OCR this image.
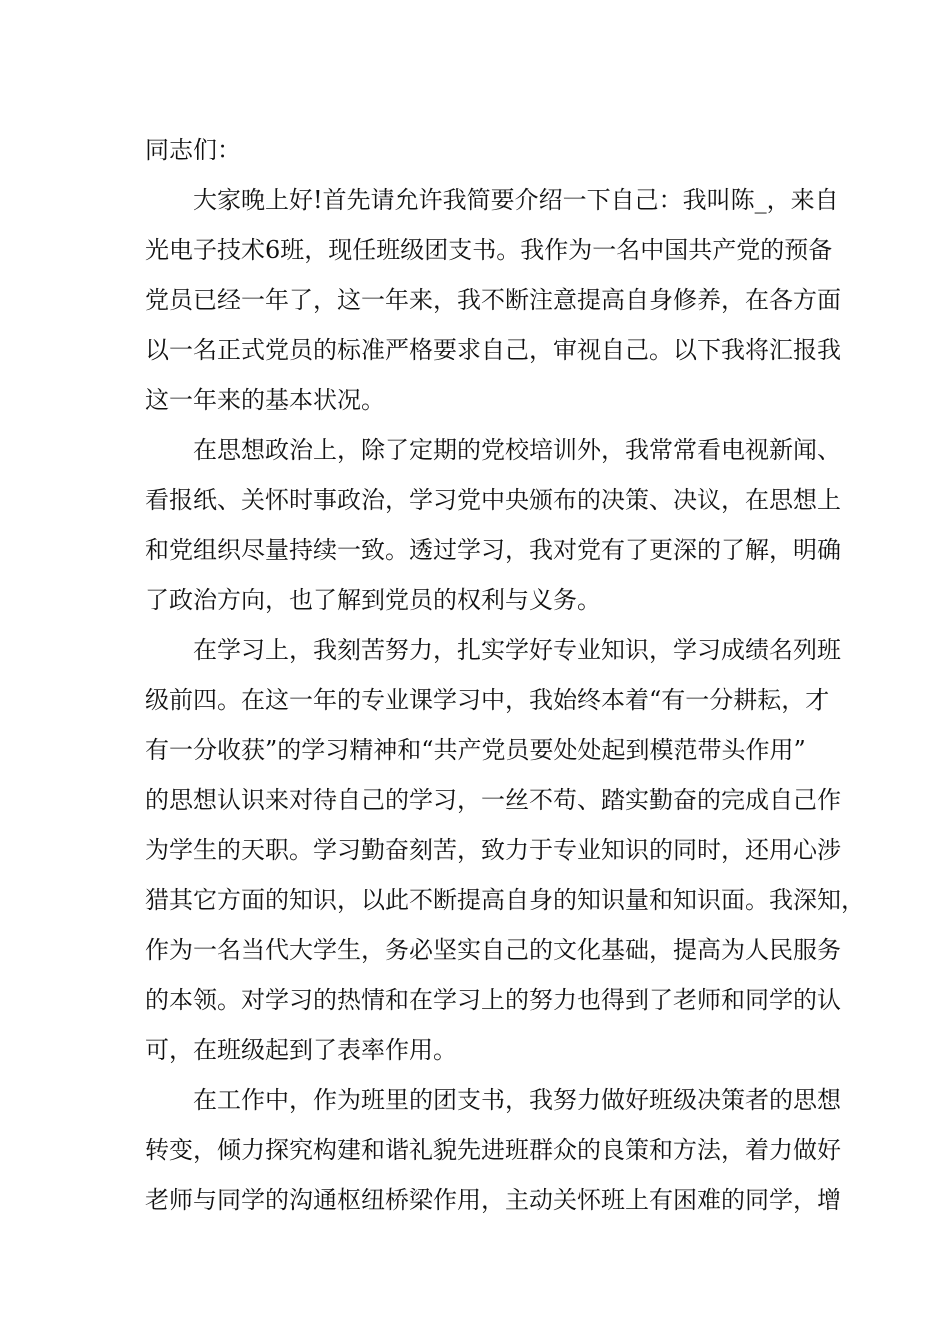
同志们：

大家晚上好!首先请允许我简要介绍一下自己：我叫陈_，来自

光电子技术6班，现任班级团支书。我作为一名中国共产党的预备

党员已经一年了，这一年来，我不断注意提高自身修养，在各方面

以一名正式党员的标准严格要求自己，审视自己。以下我将汇报我

这一年来的基本状况。

在思想政治上，除了定期的党校培训外，我常常看电视新闻、

看报纸、关怀时事政治，学习党中央颁布的决策、决议，在思想上

和党组织尽量持续一致。透过学习，我对党有了更深的了解，明确

了政治方向，也了解到党员的权利与义务。

在学习上，我刻苦努力，扎实学好专业知识，学习成绩名列班

级前四。在这一年的专业课学习中，我始终本着“有一分耕耘，才

有一分收获”的学习精神和“共产党员要处处起到模范带头作用”

的思想认识来对待自己的学习，一丝不苟、踏实勤奋的完成自己作

为学生的天职。学习勤奋刻苦，致力于专业知识的同时，还用心涉

猎其它方面的知识，以此不断提高自身的知识量和知识面。我深知，

作为一名当代大学生，务必坚实自己的文化基础，提高为人民服务

的本领。对学习的热情和在学习上的努力也得到了老师和同学的认

可，在班级起到了表率作用。

在工作中，作为班里的团支书，我努力做好班级决策者的思想

转变，倾力探究构建和谐礼貌先进班群众的良策和方法，着力做好

老师与同学的沟通枢纽桥梁作用，主动关怀班上有困难的同学，增
